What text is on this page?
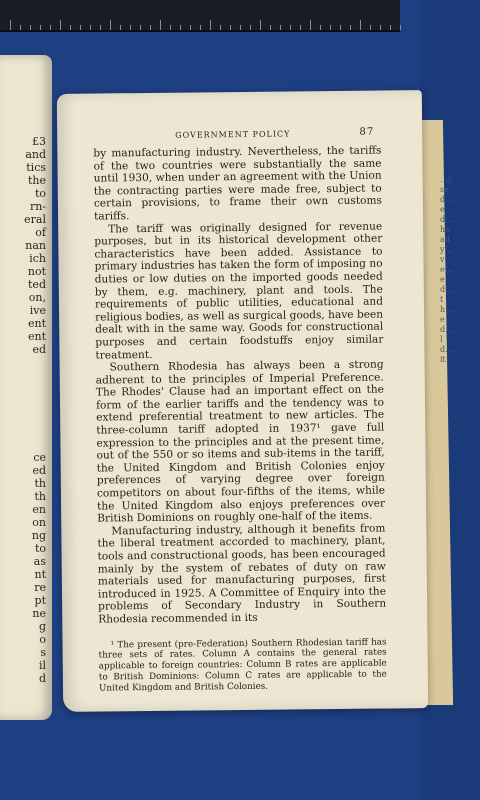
£3
and
tics
the
to
rn-
eral
of
nan
ich
not
ted
on,
ive
ent
ent
ed
ce
ed
th
th
en
on
ng
to
as
nt
re
pt
ne
g
o
s
il
d
…ysed…ed…heady…ve…ed…th…ed…ld…it
GOVERNMENT POLICY	87

by manufacturing industry. Nevertheless, the tariffs of the two countries were substantially the same until 1930, when under an agreement with the Union the contracting parties were made free, subject to certain provisions, to frame their own customs tariffs.

The tariff was originally designed for revenue purposes, but in its historical development other characteristics have been added. Assistance to primary industries has taken the form of imposing no duties or low duties on the imported goods needed by them, e.g. machinery, plant and tools. The requirements of public utilities, educational and religious bodies, as well as surgical goods, have been dealt with in the same way. Goods for constructional purposes and certain foodstuffs enjoy similar treatment.

Southern Rhodesia has always been a strong adherent to the principles of Imperial Preference. The Rhodes' Clause had an important effect on the form of the earlier tariffs and the tendency was to extend preferential treatment to new articles. The three-column tariff adopted in 1937¹ gave full expression to the principles and at the present time, out of the 550 or so items and sub-items in the tariff, the United Kingdom and British Colonies enjoy preferences of varying degree over foreign competitors on about four-fifths of the items, while the United Kingdom also enjoys preferences over British Dominions on roughly one-half of the items.

Manufacturing industry, although it benefits from the liberal treatment accorded to machinery, plant, tools and constructional goods, has been encouraged mainly by the system of rebates of duty on raw materials used for manufacturing purposes, first introduced in 1925. A Committee of Enquiry into the problems of Secondary Industry in Southern Rhodesia recommended in its

¹ The present (pre-Federation) Southern Rhodesian tariff has three sets of rates. Column A contains the general rates applicable to foreign countries: Column B rates are applicable to British Dominions: Column C rates are applicable to the United Kingdom and British Colonies.
